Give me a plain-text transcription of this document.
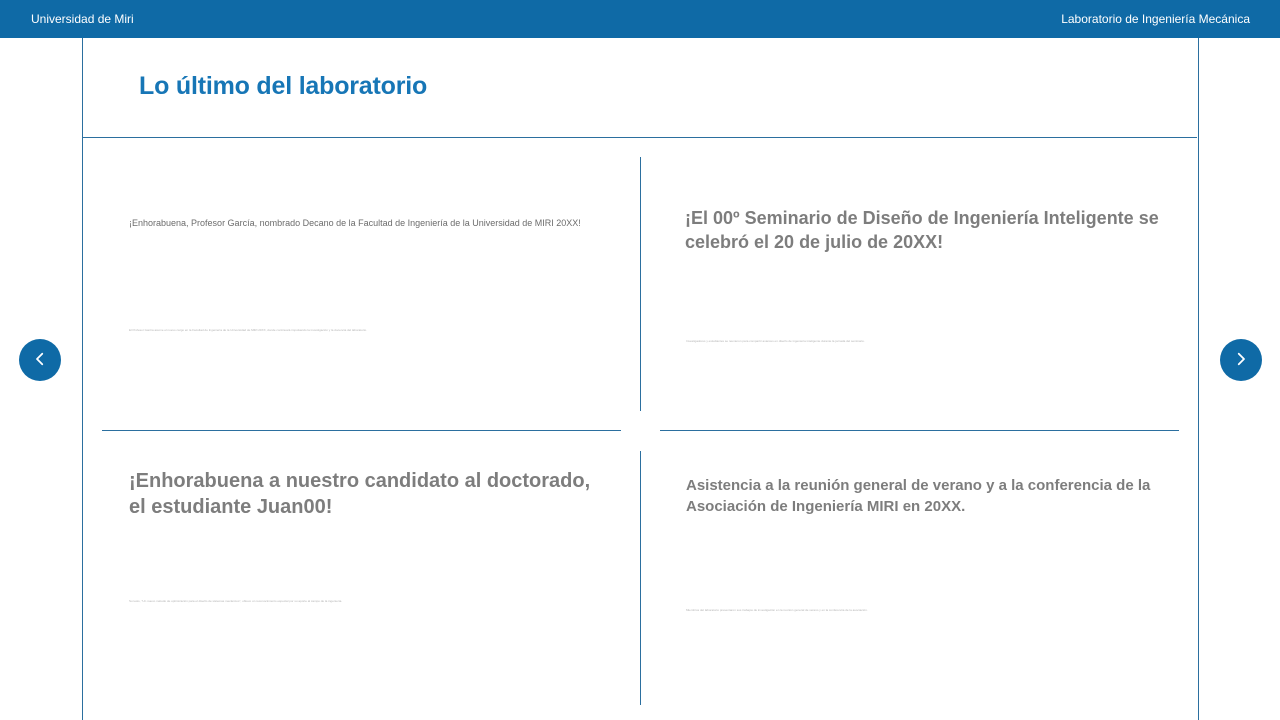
Universidad de Miri	Laboratorio de Ingeniería Mecánica
Lo último del laboratorio
¡Enhorabuena, Profesor García, nombrado Decano de la Facultad de Ingeniería de la Universidad de MIRI 20XX!

El Profesor García asume el nuevo cargo en la Facultad de Ingeniería de la Universidad de MIRI 20XX, donde continuará impulsando la investigación y la docencia del laboratorio.

¡El 00º Seminario de Diseño de Ingeniería Inteligente se celebró el 20 de julio de 20XX!

Investigadores y estudiantes se reunieron para compartir avances en diseño de ingeniería inteligente durante la jornada del seminario.

¡Enhorabuena a nuestro candidato al doctorado, el estudiante Juan00!

Su tesis, "Un nuevo método de optimización para el diseño de sistemas mecánicos", obtuvo un reconocimiento especial por su aporte al campo de la ingeniería.

Asistencia a la reunión general de verano y a la conferencia de la Asociación de Ingeniería MIRI en 20XX.

Miembros del laboratorio presentaron sus trabajos de investigación en la reunión general de verano y en la conferencia de la asociación.
